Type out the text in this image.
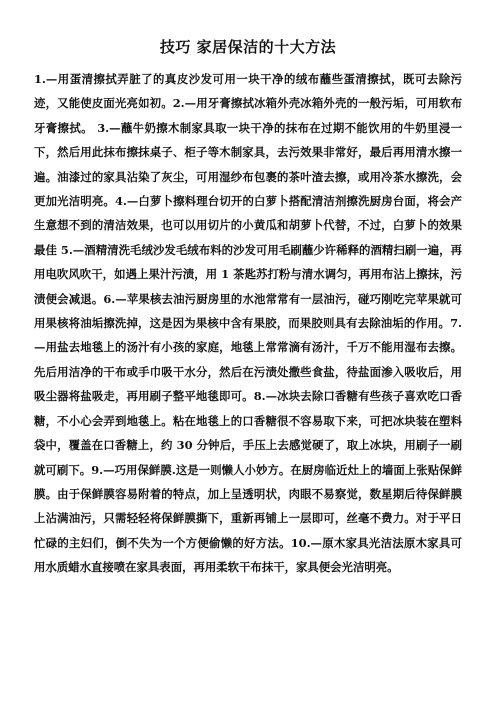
技巧 家居保洁的十大方法

1.—用蛋清擦拭弄脏了的真皮沙发可用一块干净的绒布蘸些蛋清擦拭，既可去除污迹，又能使皮面光亮如初。2.—用牙膏擦拭冰箱外壳冰箱外壳的一般污垢，可用软布牙膏擦拭。 3.—蘸牛奶擦木制家具取一块干净的抹布在过期不能饮用的牛奶里浸一下，然后用此抹布擦抹桌子、柜子等木制家具，去污效果非常好，最后再用清水擦一遍。油漆过的家具沾染了灰尘，可用湿纱布包裹的茶叶渣去擦，或用冷茶水擦洗，会更加光洁明亮。4.—白萝卜擦料理台切开的白萝卜搭配清洁剂擦洗厨房台面，将会产生意想不到的清洁效果，也可以用切片的小黄瓜和胡萝卜代替，不过，白萝卜的效果最佳 5.—酒精清洗毛绒沙发毛绒布料的沙发可用毛刷蘸少许稀释的酒精扫刷一遍，再用电吹风吹干，如遇上果汁污渍，用 1 茶匙苏打粉与清水调匀，再用布沾上擦抹，污渍便会减退。6.—苹果核去油污厨房里的水池常常有一层油污，碰巧刚吃完苹果就可用果核将油垢擦洗掉，这是因为果核中含有果胶，而果胶则具有去除油垢的作用。7.—用盐去地毯上的汤汁有小孩的家庭，地毯上常常滴有汤汁，千万不能用湿布去擦。先后用洁净的干布或手巾吸干水分，然后在污渍处撒些食盐，待盐面渗入吸收后，用吸尘器将盐吸走，再用刷子整平地毯即可。8.—冰块去除口香糖有些孩子喜欢吃口香糖，不小心会弄到地毯上。粘在地毯上的口香糖很不容易取下来，可把冰块装在塑料袋中，覆盖在口香糖上，约 30 分钟后，手压上去感觉硬了，取上冰块，用刷子一刷就可刷下。9.—巧用保鲜膜.这是一则懒人小妙方。在厨房临近灶上的墙面上张贴保鲜膜。由于保鲜膜容易附着的特点，加上呈透明状，肉眼不易察觉，数星期后待保鲜膜上沾满油污，只需轻轻将保鲜膜撕下，重新再铺上一层即可，丝毫不费力。对于平日忙碌的主妇们，倒不失为一个方便偷懒的好方法。10.—原木家具光洁法原木家具可用水质蜡水直接喷在家具表面，再用柔软干布抹干，家具便会光洁明亮。
